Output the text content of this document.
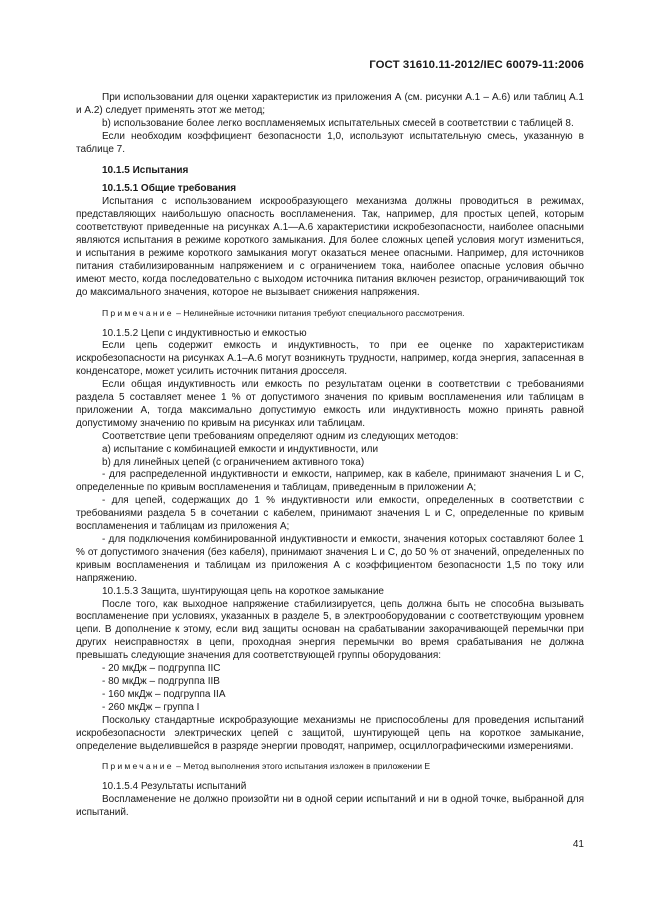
ГОСТ 31610.11-2012/IEC 60079-11:2006

При использовании для оценки характеристик из приложения А (см. рисунки А.1 – А.6) или таблиц А.1 и А.2) следует применять этот же метод;

b) использование более легко воспламеняемых испытательных смесей в соответствии с таблицей 8.

Если необходим коэффициент безопасности 1,0, используют испытательную смесь, указанную в таблице 7.

10.1.5 Испытания

10.1.5.1 Общие требования

Испытания с использованием искрообразующего механизма должны проводиться в режимах, представляющих наибольшую опасность воспламенения. Так, например, для простых цепей, которым соответствуют приведенные на рисунках А.1—А.6 характеристики искробезопасности, наиболее опасными являются испытания в режиме короткого замыкания. Для более сложных цепей условия могут измениться, и испытания в режиме короткого замыкания могут оказаться менее опасными. Например, для источников питания стабилизированным напряжением и с ограничением тока, наиболее опасные условия обычно имеют место, когда последовательно с выходом источника питания включен резистор, ограничивающий ток до максимального значения, которое не вызывает снижения напряжения.

Примечание – Нелинейные источники питания требуют специального рассмотрения.

10.1.5.2 Цепи с индуктивностью и емкостью

Если цепь содержит емкость и индуктивность, то при ее оценке по характеристикам искробезопасности на рисунках А.1–А.6 могут возникнуть трудности, например, когда энергия, запасенная в конденсаторе, может усилить источник питания дросселя.

Если общая индуктивность или емкость по результатам оценки в соответствии с требованиями раздела 5 составляет менее 1 % от допустимого значения по кривым воспламенения или таблицам в приложении А, тогда максимально допустимую емкость или индуктивность можно принять равной допустимому значению по кривым на рисунках или таблицам.

Соответствие цепи требованиям определяют одним из следующих методов:

а) испытание с комбинацией емкости и индуктивности, или

b) для линейных цепей (с ограничением активного тока)

- для распределенной индуктивности и емкости, например, как в кабеле, принимают значения L и C, определенные по кривым воспламенения и таблицам, приведенным в приложении А;

- для цепей, содержащих до 1 % индуктивности или емкости, определенных в соответствии с требованиями раздела 5 в сочетании с кабелем, принимают значения L и C, определенные по кривым воспламенения и таблицам из приложения А;

- для подключения комбинированной индуктивности и емкости, значения которых составляют более 1 % от допустимого значения (без кабеля), принимают значения L и C, до 50 % от значений, определенных по кривым воспламенения и таблицам из приложения А с коэффициентом безопасности 1,5 по току или напряжению.

10.1.5.3 Защита, шунтирующая цепь на короткое замыкание

После того, как выходное напряжение стабилизируется, цепь должна быть не способна вызывать воспламенение при условиях, указанных в разделе 5, в электрооборудовании с соответствующим уровнем цепи. В дополнение к этому, если вид защиты основан на срабатывании закорачивающей перемычки при других неисправностях в цепи, проходная энергия перемычки во время срабатывания не должна превышать следующие значения для соответствующей группы оборудования:

- 20 мкДж – подгруппа IIC

- 80 мкДж – подгруппа IIB

- 160 мкДж – подгруппа IIA

- 260 мкДж – группа I

Поскольку стандартные искробразующие механизмы не приспособлены для проведения испытаний искробезопасности электрических цепей с защитой, шунтирующей цепь на короткое замыкание, определение выделившейся в разряде энергии проводят, например, осциллографическими измерениями.

Примечание – Метод выполнения этого испытания изложен в приложении Е

10.1.5.4 Результаты испытаний

Воспламенение не должно произойти ни в одной серии испытаний и ни в одной точке, выбранной для испытаний.

41
